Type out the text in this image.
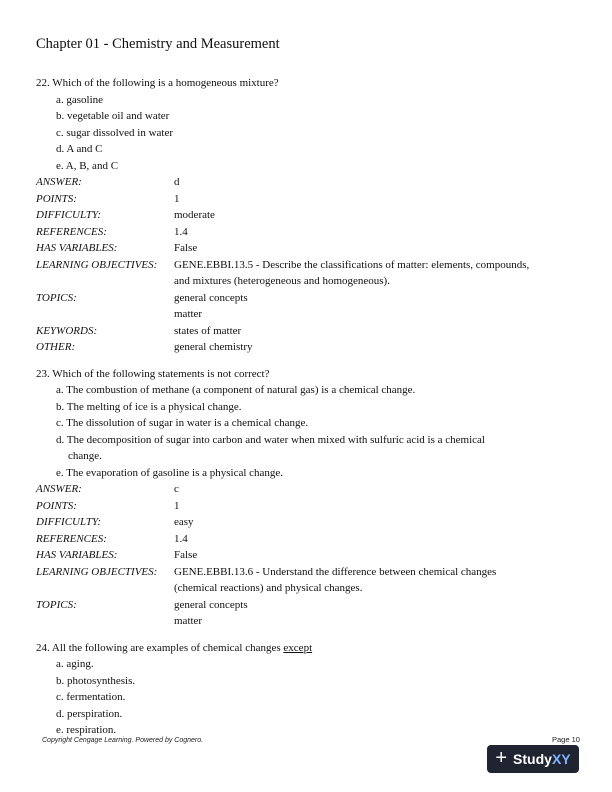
Chapter 01 - Chemistry and Measurement
22. Which of the following is a homogeneous mixture?
a. gasoline
b. vegetable oil and water
c. sugar dissolved in water
d. A and C
e. A, B, and C
ANSWER:	d
POINTS:	1
DIFFICULTY:	moderate
REFERENCES:	1.4
HAS VARIABLES:	False
LEARNING OBJECTIVES:	GENE.EBBI.13.5 - Describe the classifications of matter: elements, compounds,
and mixtures (heterogeneous and homogeneous).
TOPICS:	general concepts
matter
KEYWORDS:	states of matter
OTHER:	general chemistry
23. Which of the following statements is not correct?
a. The combustion of methane (a component of natural gas) is a chemical change.
b. The melting of ice is a physical change.
c. The dissolution of sugar in water is a chemical change.
d. The decomposition of sugar into carbon and water when mixed with sulfuric acid is a chemical
change.
e. The evaporation of gasoline is a physical change.
ANSWER:	c
POINTS:	1
DIFFICULTY:	easy
REFERENCES:	1.4
HAS VARIABLES:	False
LEARNING OBJECTIVES:	GENE.EBBI.13.6 - Understand the difference between chemical changes
(chemical reactions) and physical changes.
TOPICS:	general concepts
matter
24. All the following are examples of chemical changes except
a. aging.
b. photosynthesis.
c. fermentation.
d. perspiration.
e. respiration.
Copyright Cengage Learning. Powered by Cognero.	Page 10
+ StudyXY
